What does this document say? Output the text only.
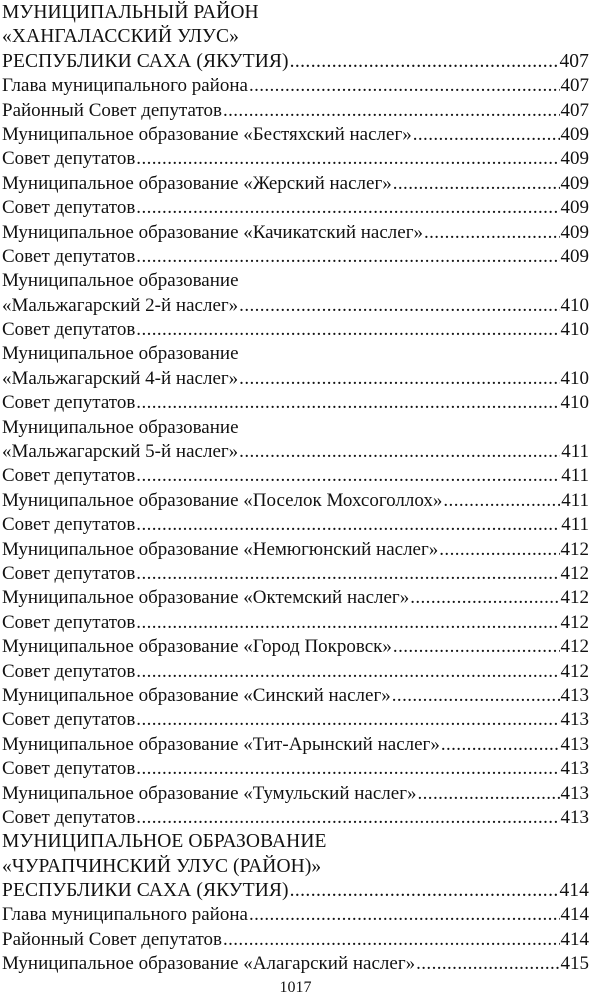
МУНИЦИПАЛЬНЫЙ РАЙОН
«ХАНГАЛАССКИЙ УЛУС»
РЕСПУБЛИКИ САХА (ЯКУТИЯ) .....	407
Глава муниципального района .....	407
Районный Совет депутатов .....	407
Муниципальное образование «Бестяхский наслег» .....	409
Совет депутатов .....	409
Муниципальное образование «Жерский наслег» .....	409
Совет депутатов .....	409
Муниципальное образование «Качикатский наслег» .....	409
Совет депутатов .....	409
Муниципальное образование
«Мальжагарский 2-й наслег» .....	410
Совет депутатов .....	410
Муниципальное образование
«Мальжагарский 4-й наслег» .....	410
Совет депутатов .....	410
Муниципальное образование
«Мальжагарский 5-й наслег» .....	411
Совет депутатов .....	411
Муниципальное образование «Поселок Мохсоголлох» .....	411
Совет депутатов .....	411
Муниципальное образование «Немюгюнский наслег» .....	412
Совет депутатов .....	412
Муниципальное образование «Октемский наслег» .....	412
Совет депутатов .....	412
Муниципальное образование «Город Покровск» .....	412
Совет депутатов .....	412
Муниципальное образование «Синский наслег» .....	413
Совет депутатов .....	413
Муниципальное образование «Тит-Арынский наслег» .....	413
Совет депутатов .....	413
Муниципальное образование «Тумульский наслег» .....	413
Совет депутатов .....	413
МУНИЦИПАЛЬНОЕ ОБРАЗОВАНИЕ
«ЧУРАПЧИНСКИЙ УЛУС (РАЙОН)»
РЕСПУБЛИКИ САХА (ЯКУТИЯ) .....	414
Глава муниципального района .....	414
Районный Совет депутатов .....	414
Муниципальное образование «Алагарский наслег» .....	415
1017
